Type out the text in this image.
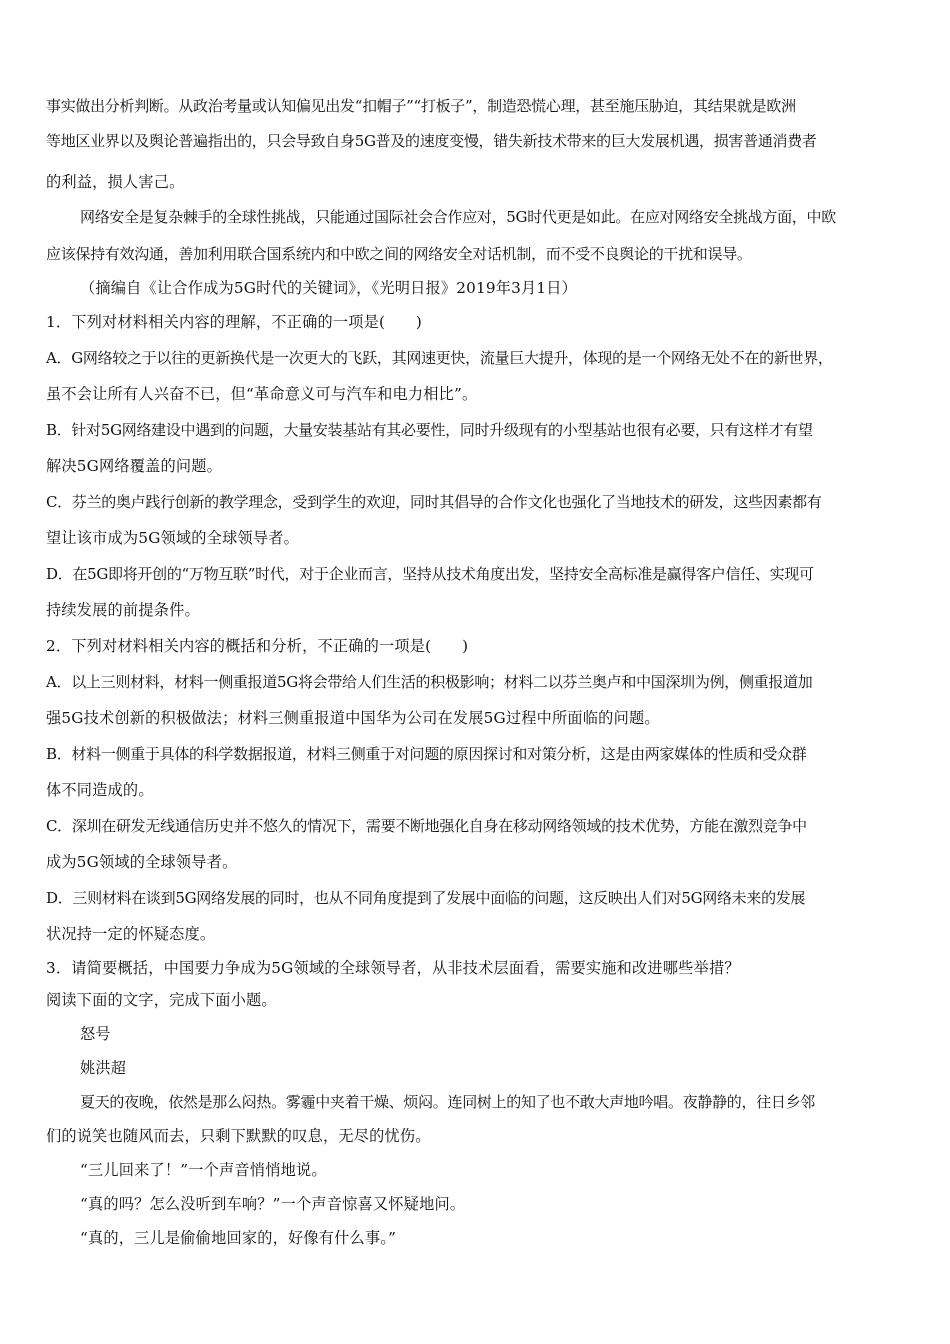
事实做出分析判断。从政治考量或认知偏见出发“扣帽子”“打板子”，制造恐慌心理，甚至施压胁迫，其结果就是欧洲
等地区业界以及舆论普遍指出的，只会导致自身5G普及的速度变慢，错失新技术带来的巨大发展机遇，损害普通消费者
的利益，损人害己。
网络安全是复杂棘手的全球性挑战，只能通过国际社会合作应对，5G时代更是如此。在应对网络安全挑战方面，中欧
应该保持有效沟通，善加利用联合国系统内和中欧之间的网络安全对话机制，而不受不良舆论的干扰和误导。
（摘编自《让合作成为5G时代的关键词》，《光明日报》2019年3月1日）
1．下列对材料相关内容的理解，不正确的一项是(　　)
A．G网络较之于以往的更新换代是一次更大的飞跃，其网速更快，流量巨大提升，体现的是一个网络无处不在的新世界，
虽不会让所有人兴奋不已，但“革命意义可与汽车和电力相比”。
B．针对5G网络建设中遇到的问题，大量安装基站有其必要性，同时升级现有的小型基站也很有必要，只有这样才有望
解决5G网络覆盖的问题。
C．芬兰的奥卢践行创新的教学理念，受到学生的欢迎，同时其倡导的合作文化也强化了当地技术的研发，这些因素都有
望让该市成为5G领域的全球领导者。
D．在5G即将开创的“万物互联”时代，对于企业而言，坚持从技术角度出发，坚持安全高标准是赢得客户信任、实现可
持续发展的前提条件。
2．下列对材料相关内容的概括和分析，不正确的一项是(　　)
A．以上三则材料，材料一侧重报道5G将会带给人们生活的积极影响；材料二以芬兰奥卢和中国深圳为例，侧重报道加
强5G技术创新的积极做法；材料三侧重报道中国华为公司在发展5G过程中所面临的问题。
B．材料一侧重于具体的科学数据报道，材料三侧重于对问题的原因探讨和对策分析，这是由两家媒体的性质和受众群
体不同造成的。
C．深圳在研发无线通信历史并不悠久的情况下，需要不断地强化自身在移动网络领域的技术优势，方能在激烈竞争中
成为5G领域的全球领导者。
D．三则材料在谈到5G网络发展的同时，也从不同角度提到了发展中面临的问题，这反映出人们对5G网络未来的发展
状况持一定的怀疑态度。
3．请简要概括，中国要力争成为5G领域的全球领导者，从非技术层面看，需要实施和改进哪些举措？
阅读下面的文字，完成下面小题。
怒号
姚洪超
夏天的夜晚，依然是那么闷热。雾霾中夹着干燥、烦闷。连同树上的知了也不敢大声地吟唱。夜静静的，往日乡邻
们的说笑也随风而去，只剩下默默的叹息，无尽的忧伤。
“三儿回来了！”一个声音悄悄地说。
“真的吗？怎么没听到车响？”一个声音惊喜又怀疑地问。
“真的，三儿是偷偷地回家的，好像有什么事。”
